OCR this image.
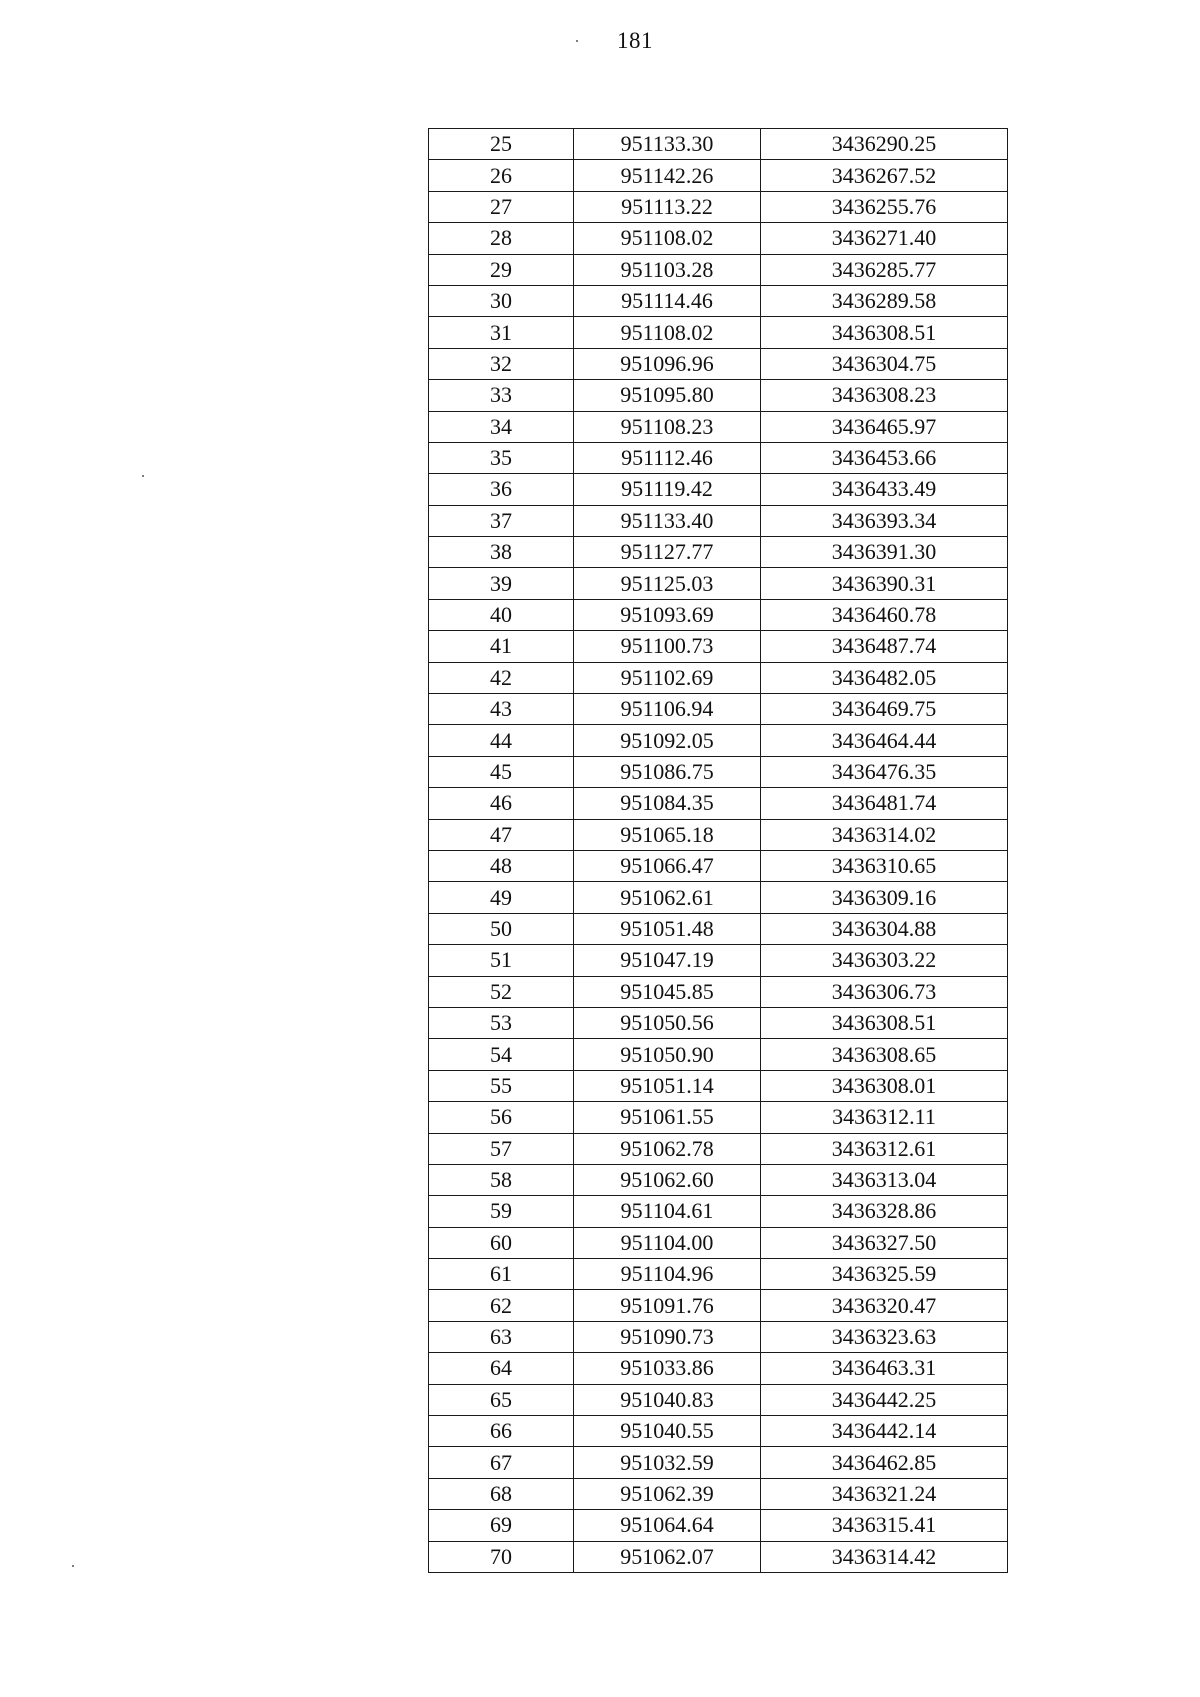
181
25	951133.30	3436290.25
26	951142.26	3436267.52
27	951113.22	3436255.76
28	951108.02	3436271.40
29	951103.28	3436285.77
30	951114.46	3436289.58
31	951108.02	3436308.51
32	951096.96	3436304.75
33	951095.80	3436308.23
34	951108.23	3436465.97
35	951112.46	3436453.66
36	951119.42	3436433.49
37	951133.40	3436393.34
38	951127.77	3436391.30
39	951125.03	3436390.31
40	951093.69	3436460.78
41	951100.73	3436487.74
42	951102.69	3436482.05
43	951106.94	3436469.75
44	951092.05	3436464.44
45	951086.75	3436476.35
46	951084.35	3436481.74
47	951065.18	3436314.02
48	951066.47	3436310.65
49	951062.61	3436309.16
50	951051.48	3436304.88
51	951047.19	3436303.22
52	951045.85	3436306.73
53	951050.56	3436308.51
54	951050.90	3436308.65
55	951051.14	3436308.01
56	951061.55	3436312.11
57	951062.78	3436312.61
58	951062.60	3436313.04
59	951104.61	3436328.86
60	951104.00	3436327.50
61	951104.96	3436325.59
62	951091.76	3436320.47
63	951090.73	3436323.63
64	951033.86	3436463.31
65	951040.83	3436442.25
66	951040.55	3436442.14
67	951032.59	3436462.85
68	951062.39	3436321.24
69	951064.64	3436315.41
70	951062.07	3436314.42
